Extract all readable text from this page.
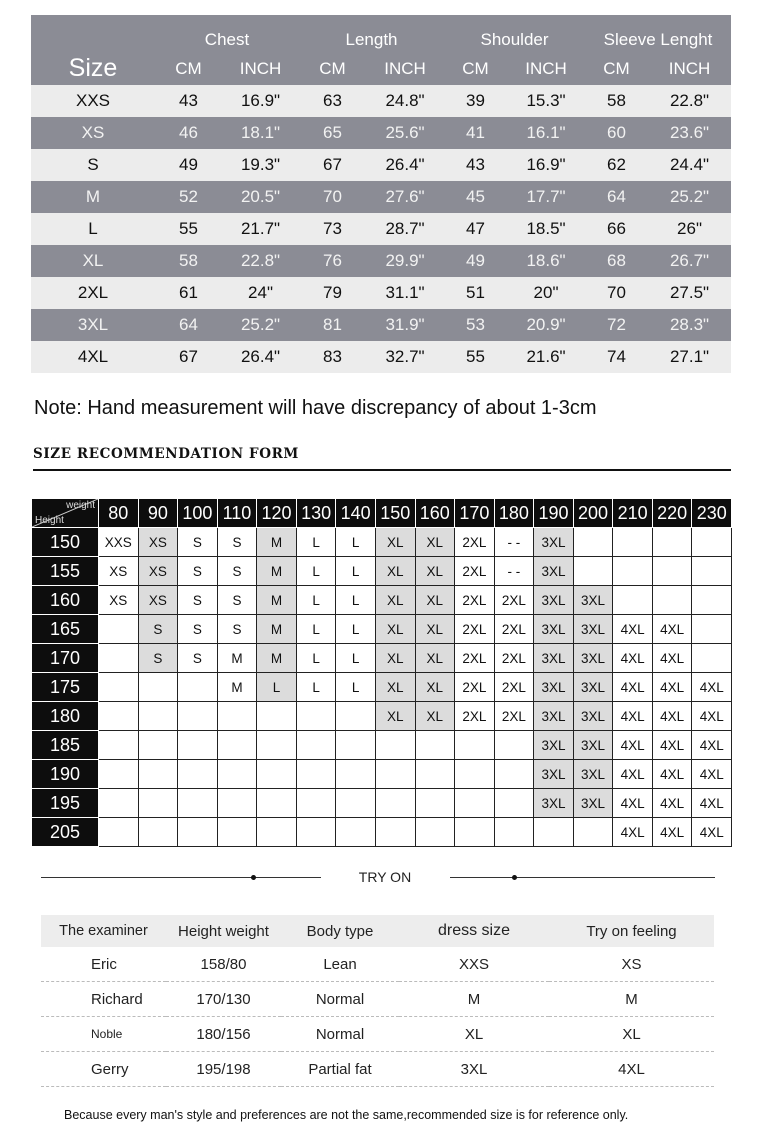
Size	Chest		Length		Shoulder		Sleeve Lenght	
	CM	INCH	CM	INCH	CM	INCH	CM	INCH
XXS	43	16.9"	63	24.8"	39	15.3"	58	22.8"
XS	46	18.1"	65	25.6"	41	16.1"	60	23.6"
S	49	19.3"	67	26.4"	43	16.9"	62	24.4"
M	52	20.5"	70	27.6"	45	17.7"	64	25.2"
L	55	21.7"	73	28.7"	47	18.5"	66	26"
XL	58	22.8"	76	29.9"	49	18.6"	68	26.7"
2XL	61	24"	79	31.1"	51	20"	70	27.5"
3XL	64	25.2"	81	31.9"	53	20.9"	72	28.3"
4XL	67	26.4"	83	32.7"	55	21.6"	74	27.1"
Note: Hand measurement will have discrepancy of about 1-3cm
SIZE RECOMMENDATION FORM
weight
Height	80	90	100	110	120	130	140	150	160	170	180	190	200	210	220	230
150	XXS	XS	S	S	M	L	L	XL	XL	2XL	- -	3XL				
155	XS	XS	S	S	M	L	L	XL	XL	2XL	- -	3XL				
160	XS	XS	S	S	M	L	L	XL	XL	2XL	2XL	3XL	3XL			
165		S	S	S	M	L	L	XL	XL	2XL	2XL	3XL	3XL	4XL	4XL	
170		S	S	M	M	L	L	XL	XL	2XL	2XL	3XL	3XL	4XL	4XL	
175				M	L	L	L	XL	XL	2XL	2XL	3XL	3XL	4XL	4XL	4XL
180								XL	XL	2XL	2XL	3XL	3XL	4XL	4XL	4XL
185												3XL	3XL	4XL	4XL	4XL
190												3XL	3XL	4XL	4XL	4XL
195												3XL	3XL	4XL	4XL	4XL
205														4XL	4XL	4XL
TRY ON
The examiner	Height weight	Body type	dress size	Try on feeling
Eric	158/80	Lean	XXS	XS
Richard	170/130	Normal	M	M
Noble	180/156	Normal	XL	XL
Gerry	195/198	Partial fat	3XL	4XL
Because every man's style and preferences are not the same,recommended size is for reference only.
